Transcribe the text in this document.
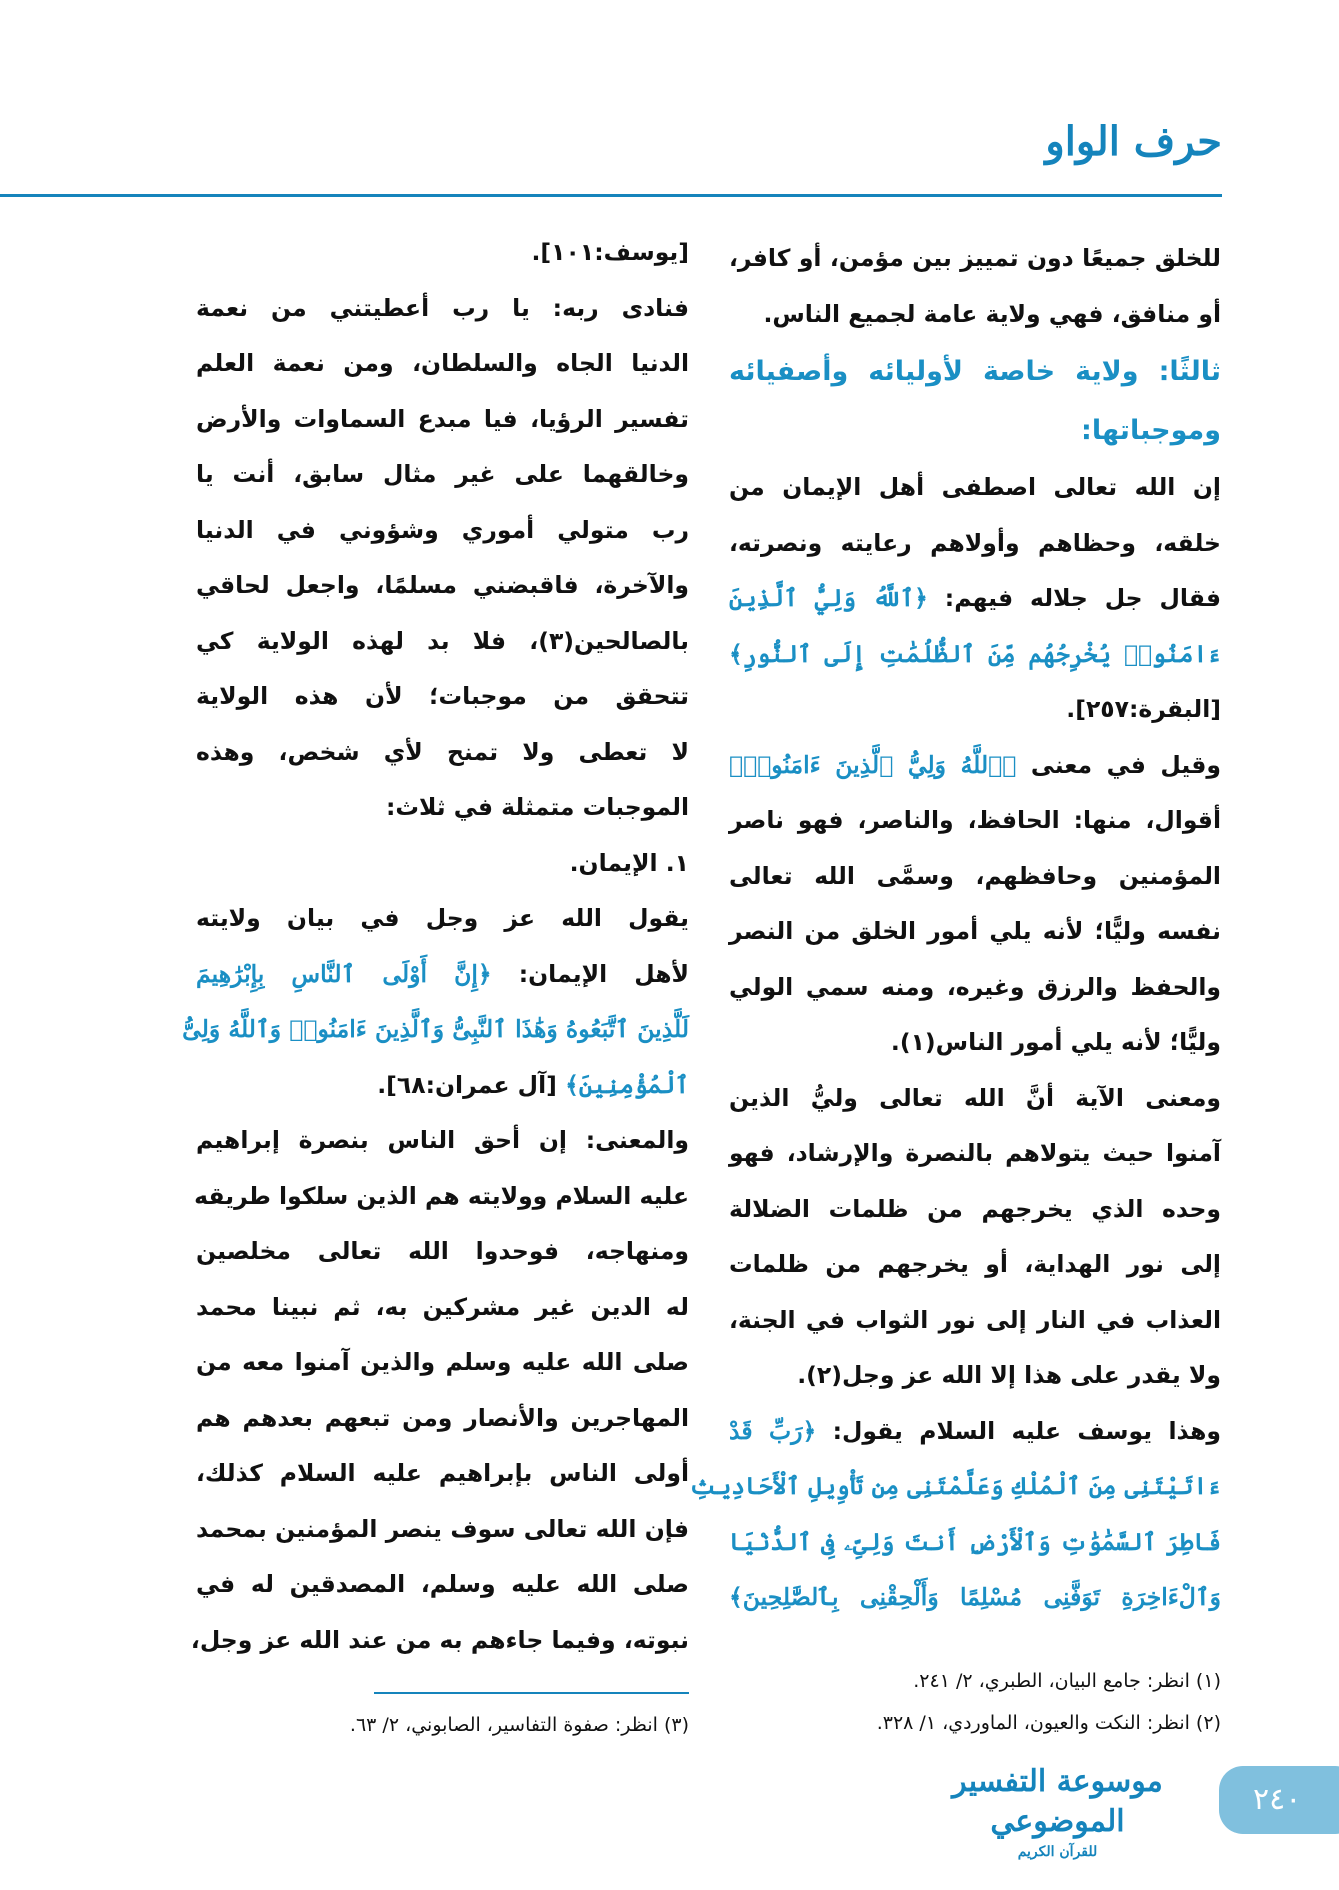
حرف الواو
للخلق جميعًا دون تمييز بين مؤمن، أو كافر،
أو منافق، فهي ولاية عامة لجميع الناس.
ثالثًا: ولاية خاصة لأوليائه وأصفيائه
وموجباتها:
إن الله تعالى اصطفى أهل الإيمان من
خلقه، وحظاهم وأولاهم رعايته ونصرته،
فقال جل جلاله فيهم: ﴿ٱللَّهُ وَلِيُّ ٱلَّذِينَ
ءَامَنُوا۟ يُخْرِجُهُم مِّنَ ٱلظُّلُمَٰتِ إِلَى ٱلنُّورِ﴾
[البقرة:٢٥٧].
وقيل في معنى ﴿ٱللَّهُ وَلِيُّ ٱلَّذِينَ ءَامَنُوا۟﴾
أقوال، منها: الحافظ، والناصر، فهو ناصر
المؤمنين وحافظهم، وسمَّى الله تعالى
نفسه وليًّا؛ لأنه يلي أمور الخلق من النصر
والحفظ والرزق وغيره، ومنه سمي الولي
وليًّا؛ لأنه يلي أمور الناس(١).
ومعنى الآية أنَّ الله تعالى وليُّ الذين
آمنوا حيث يتولاهم بالنصرة والإرشاد، فهو
وحده الذي يخرجهم من ظلمات الضلالة
إلى نور الهداية، أو يخرجهم من ظلمات
العذاب في النار إلى نور الثواب في الجنة،
ولا يقدر على هذا إلا الله عز وجل(٢).
وهذا يوسف عليه السلام يقول: ﴿رَبِّ قَدْ
ءَاتَيْتَنِى مِنَ ٱلْمُلْكِ وَعَلَّمْتَنِى مِن تَأْوِيلِ ٱلْأَحَادِيثِ
فَاطِرَ ٱلسَّمَٰوَٰتِ وَٱلْأَرْضِ أَنتَ وَلِىِّۦ فِى ٱلدُّنْيَا
وَٱلْءَاخِرَةِ تَوَفَّنِى مُسْلِمًا وَأَلْحِقْنِى بِٱلصَّٰلِحِينَ﴾
(١) انظر: جامع البيان، الطبري، ٢/ ٢٤١.
(٢) انظر: النكت والعيون، الماوردي، ١/ ٣٢٨.
[يوسف:١٠١].
فنادى ربه: يا رب أعطيتني من نعمة
الدنيا الجاه والسلطان، ومن نعمة العلم
تفسير الرؤيا، فيا مبدع السماوات والأرض
وخالقهما على غير مثال سابق، أنت يا
رب متولي أموري وشؤوني في الدنيا
والآخرة، فاقبضني مسلمًا، واجعل لحاقي
بالصالحين(٣)، فلا بد لهذه الولاية كي
تتحقق من موجبات؛ لأن هذه الولاية
لا تعطى ولا تمنح لأي شخص، وهذه
الموجبات متمثلة في ثلاث:
١. الإيمان.
يقول الله عز وجل في بيان ولايته
لأهل الإيمان: ﴿إِنَّ أَوْلَى ٱلنَّاسِ بِإِبْرَٰهِيمَ
لَلَّذِينَ ٱتَّبَعُوهُ وَهَٰذَا ٱلنَّبِىُّ وَٱلَّذِينَ ءَامَنُوا۟ وَٱللَّهُ وَلِىُّ
ٱلْمُؤْمِنِينَ﴾ [آل عمران:٦٨].
والمعنى: إن أحق الناس بنصرة إبراهيم
عليه السلام وولايته هم الذين سلكوا طريقه
ومنهاجه، فوحدوا الله تعالى مخلصين
له الدين غير مشركين به، ثم نبينا محمد
صلى الله عليه وسلم والذين آمنوا معه من
المهاجرين والأنصار ومن تبعهم بعدهم هم
أولى الناس بإبراهيم عليه السلام كذلك،
فإن الله تعالى سوف ينصر المؤمنين بمحمد
صلى الله عليه وسلم، المصدقين له في
نبوته، وفيما جاءهم به من عند الله عز وجل،
(٣) انظر: صفوة التفاسير، الصابوني، ٢/ ٦٣.
موسوعة التفسير الموضوعي
للقرآن الكريم
٢٤٠
